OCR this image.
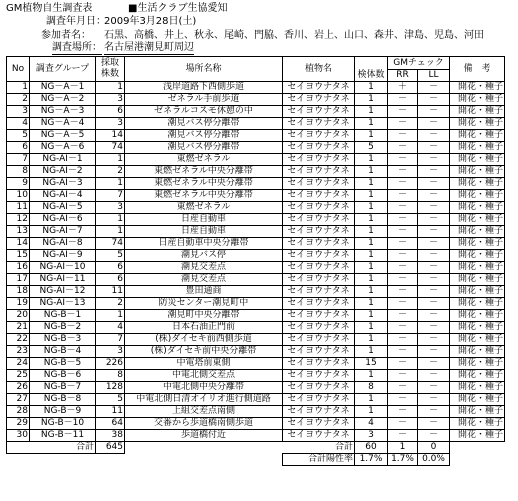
GM植物自生調査表	■生活クラブ生協愛知
調査年月日：
2009年3月28日(土)
参加者名： 石黒、高橋、井上、秋永、尾崎、門脇、香川、岩上、山口、森井、津島、児島、河田
調査場所： 名古屋港潮見町周辺
No	調査グループ	採取
株数	場所名称	植物名	検体数	GMチェック		備　考
						RR	LL	
1	NG－A－1	1	浅岸道路下西側歩道	セイヨウナタネ	1	＋	－	開花・種子
2	NG－A－2	3	ゼネラル手前歩道	セイヨウナタネ	1	－	－	開花・種子
3	NG－A－3	6	ゼネラルコスモ休憩の中	セイヨウナタネ	1	－	－	開花・種子
4	NG－A－4	3	潮見バス停分離帯	セイヨウナタネ	1	－	－	開花・種子
5	NG－A－5	14	潮見バス停分離帯	セイヨウナタネ	1	－	－	開花・種子
6	NG－A－6	74	潮見バス停分離帯	セイヨウナタネ	5	－	－	開花・種子
7	NG-AI－1	1	東燃ゼネラル	セイヨウナタネ	1	－	－	開花・種子
8	NG-AI－2	2	東燃ゼネラル中央分離帯	セイヨウナタネ	1	－	－	開花・種子
9	NG-AI－3	1	東燃ゼネラル中央分離帯	セイヨウナタネ	1	－	－	開花・種子
10	NG-AI－4	7	東燃ゼネラル中央分離帯	セイヨウナタネ	1	－	－	開花・種子
11	NG-AI－5	3	東燃ゼネラル	セイヨウナタネ	1	－	－	開花・種子
12	NG-AI－6	1	日産自動車	セイヨウナタネ	1	－	－	開花・種子
13	NG-AI－7	1	日産自動車	セイヨウナタネ	1	－	－	開花・種子
14	NG-AI－8	74	日産自動車中央分離帯	セイヨウナタネ	1	－	－	開花・種子
15	NG-AI－9	5	潮見バス停	セイヨウナタネ	1	－	－	開花・種子
16	NG-AI－10	6	潮見交差点	セイヨウナタネ	1	－	－	開花・種子
17	NG-AI－11	6	潮見交差点	セイヨウナタネ	1	－	－	開花・種子
18	NG-AI－12	11	豊田通商	セイヨウナタネ	1	－	－	開花・種子
19	NG-AI－13	2	防災センター潮見町中	セイヨウナタネ	1	－	－	開花・種子
20	NG-B－1	1	潮見町中央分離帯	セイヨウナタネ	1	－	－	開花・種子
21	NG-B－2	4	日本石油正門前	セイヨウナタネ	1	－	－	開花・種子
22	NG-B－3	7	(株)ダイセキ前西側歩道	セイヨウナタネ	1	－	－	開花・種子
23	NG-B－4	3	(株)ダイセキ前中央分離帯	セイヨウナタネ	1	－	－	開花・種子
24	NG-B－5	226	中電塔前東側	セイヨウナタネ	15	－	－	開花・種子
25	NG-B－6	8	中電北側交差点	セイヨウナタネ	1	－	－	開花・種子
26	NG-B－7	128	中電北側中央分離帯	セイヨウナタネ	8	－	－	開花・種子
27	NG-B－8	5	中電北側日清オイリオ進行側道路	セイヨウナタネ	1	－	－	開花・種子
28	NG-B－9	11	上組交差点南側	セイヨウナタネ	1	－	－	開花・種子
29	NG-B－10	64	交番から歩道橋南側歩道	セイヨウナタネ	4	－	－	開花・種子
30	NG-B－11	38	歩道橋付近	セイヨウナタネ	3	－	－	開花・種子
合計		645		合計	60	1	0	
				合計陽性率	1.7%	1.7%	0.0%	
